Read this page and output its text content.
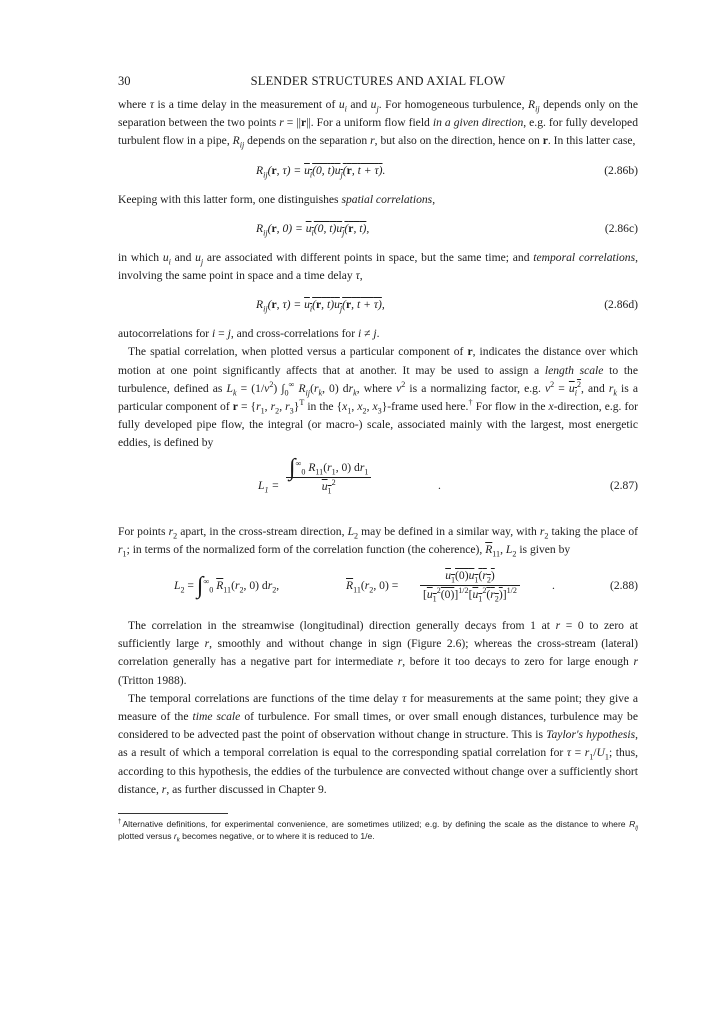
30	SLENDER STRUCTURES AND AXIAL FLOW

where τ is a time delay in the measurement of $u_i$ and $u_j$. For homogeneous turbulence, $R_{ij}$ depends only on the separation between the two points r = ||r||. For a uniform flow field in a given direction, e.g. for fully developed turbulent flow in a pipe, $R_{ij}$ depends on the separation r, but also on the direction, hence on r. In this latter case,

$R_{ij}(r$, $\tau) = u_i(0$, $t)u_j(r$, t + τ).	(2.86b)

Keeping with this latter form, one distinguishes spatial correlations,

$R_{ij}(r$, $0) = u_i(0$, $t)u_j(r$, t),	(2.86c)

in which $u_i$ and $u_j$ are associated with different points in space, but the same time; and temporal correlations, involving the same point in space and a time delay τ,

$R_{ij}(r$, $\tau) = u_i(r$, $t)u_j(r$, t + τ),	(2.86d)

autocorrelations for i = j, and cross-correlations for i ≠ j.

The spatial correlation, when plotted versus a particular component of r, indicates the distance over which motion at one point significantly affects that at another. It may be used to assign a length scale to the turbulence, defined as $L_k = (1/v^2)$ $\int_0^\infty$ $R_{ij}(r_k$, 0) $dr_k$, where $v^2$ is a normalizing factor, e.g. $v^2 = u_i^2$, and $r_k$ is a particular component of $r = \{r_1$, $r_2$, $r_3\}^T$ in the {$x_1$, $x_2$, $x_3$}-frame used here.† For flow in the x-direction, e.g. for fully developed pipe flow, the integral (or macro-) scale, associated mainly with the largest, most energetic eddies, is defined by

$L_1 = \frac{\int^\infty_0 R_{11}(r_1, 0) dr_1}{u_1^2}$	.	(2.87)

For points $r_2$ apart, in the cross-stream direction, $L_2$ may be defined in a similar way, with $r_2$ taking the place of $r_1$; in terms of the normalized form of the correlation function (the coherence), $\overline{R}_{11}$, $L_2$ is given by

$L_2 = \int^\infty_0$ $\overline{R}_{11}(r_2$, 0) $dr_2$,	$\overline{R}_{11}(r_2$, $0) = \frac{u_1(0)u_1(r_2)}{[u_1^2(0)]^{1/2}[u_1^2(r_2)]^{1/2}}$	.	(2.88)

The correlation in the streamwise (longitudinal) direction generally decays from 1 at r = 0 to zero at sufficiently large r, smoothly and without change in sign (Figure 2.6); whereas the cross-stream (lateral) correlation generally has a negative part for intermediate r, before it too decays to zero for large enough r (Tritton 1988).

The temporal correlations are functions of the time delay τ for measurements at the same point; they give a measure of the time scale of turbulence. For small times, or over small enough distances, turbulence may be considered to be advected past the point of observation without change in structure. This is Taylor's hypothesis, as a result of which a temporal correlation is equal to the corresponding spatial correlation for $\tau = r_1/U_1$; thus, according to this hypothesis, the eddies of the turbulence are convected without change over a sufficiently short distance, r, as further discussed in Chapter 9.

†Alternative definitions, for experimental convenience, are sometimes utilized; e.g. by defining the scale as the distance to where $R_{ij}$ plotted versus $r_k$ becomes negative, or to where it is reduced to 1/e.
